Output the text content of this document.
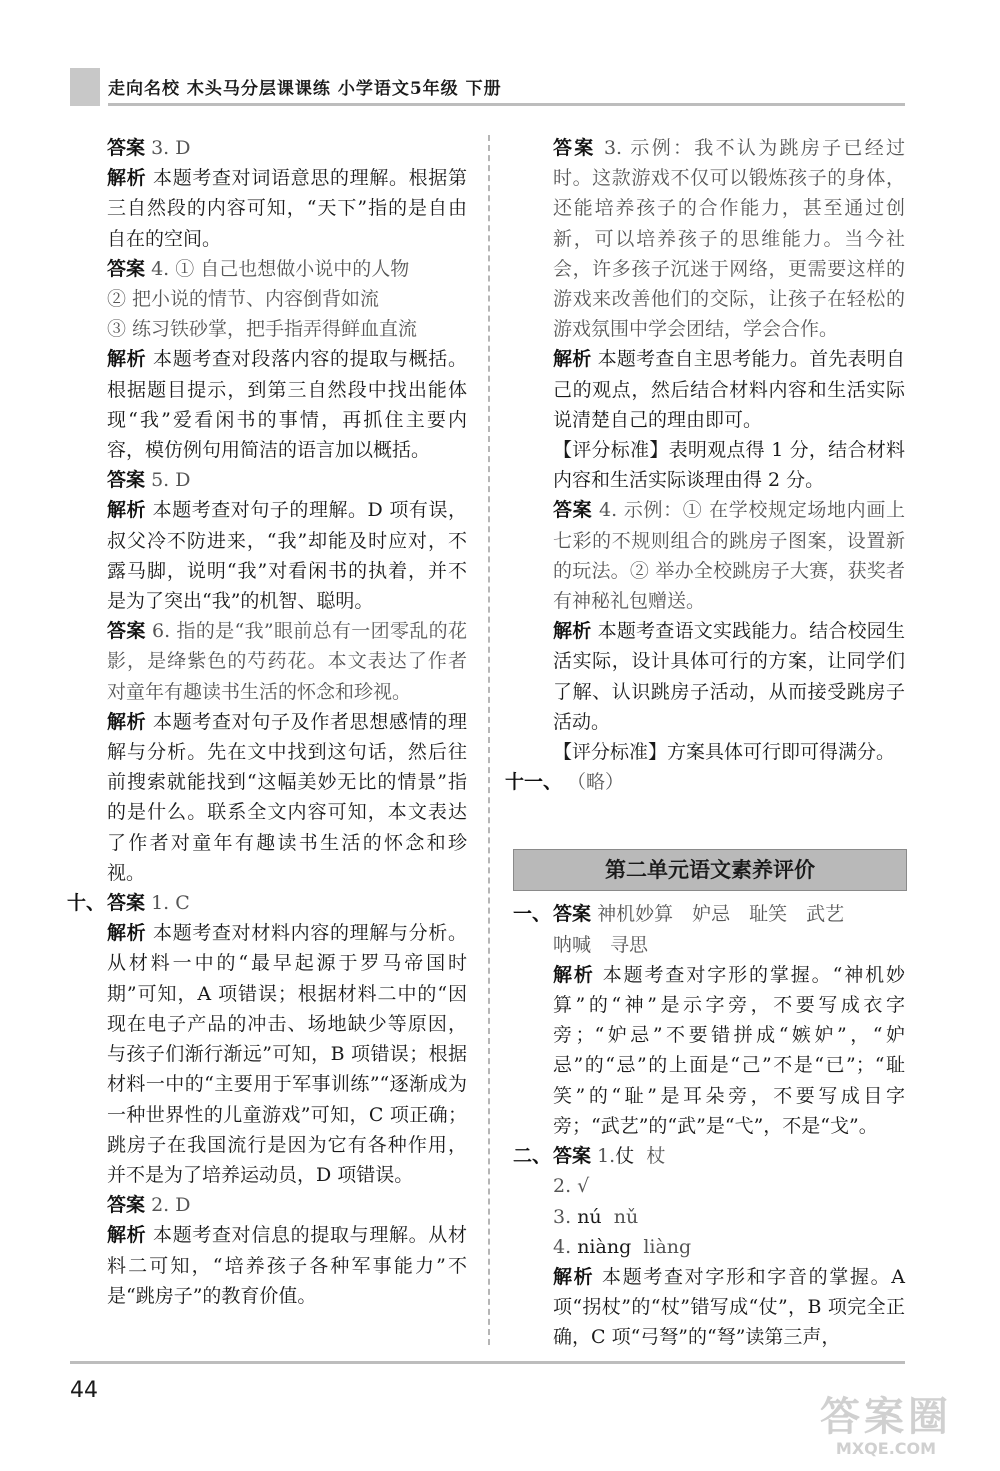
走向名校 木头马分层课课练 小学语文5年级 下册

答案 3. D

解析 本题考查对词语意思的理解。根据第三自然段的内容可知，“天下”指的是自由自在的空间。

答案 4. ① 自己也想做小说中的人物

② 把小说的情节、内容倒背如流

③ 练习铁砂掌，把手指弄得鲜血直流

解析 本题考查对段落内容的提取与概括。根据题目提示，到第三自然段中找出能体现“我”爱看闲书的事情，再抓住主要内容，模仿例句用简洁的语言加以概括。

答案 5. D

解析 本题考查对句子的理解。D 项有误，叔父冷不防进来，“我”却能及时应对，不露马脚，说明“我”对看闲书的执着，并不是为了突出“我”的机智、聪明。

答案 6. 指的是“我”眼前总有一团零乱的花影，是绛紫色的芍药花。本文表达了作者对童年有趣读书生活的怀念和珍视。

解析 本题考查对句子及作者思想感情的理解与分析。先在文中找到这句话，然后往前搜索就能找到“这幅美妙无比的情景”指的是什么。联系全文内容可知，本文表达了作者对童年有趣读书生活的怀念和珍视。

十、 答案 1. C

解析 本题考查对材料内容的理解与分析。从材料一中的“最早起源于罗马帝国时期”可知，A 项错误；根据材料二中的“因现在电子产品的冲击、场地缺少等原因，与孩子们渐行渐远”可知，B 项错误；根据材料一中的“主要用于军事训练”“逐渐成为一种世界性的儿童游戏”可知，C 项正确；跳房子在我国流行是因为它有各种作用，并不是为了培养运动员，D 项错误。

答案 2. D

解析 本题考查对信息的提取与理解。从材料二可知，“培养孩子各种军事能力”不是“跳房子”的教育价值。

答案 3. 示例：我不认为跳房子已经过时。这款游戏不仅可以锻炼孩子的身体，还能培养孩子的合作能力，甚至通过创新，可以培养孩子的思维能力。当今社会，许多孩子沉迷于网络，更需要这样的游戏来改善他们的交际，让孩子在轻松的游戏氛围中学会团结，学会合作。

解析 本题考查自主思考能力。首先表明自己的观点，然后结合材料内容和生活实际说清楚自己的理由即可。

【评分标准】表明观点得 1 分，结合材料内容和生活实际谈理由得 2 分。

答案 4. 示例：① 在学校规定场地内画上七彩的不规则组合的跳房子图案，设置新的玩法。② 举办全校跳房子大赛，获奖者有神秘礼包赠送。

解析 本题考查语文实践能力。结合校园生活实际，设计具体可行的方案，让同学们了解、认识跳房子活动，从而接受跳房子活动。

【评分标准】方案具体可行即可得满分。

十一、 （略）

第二单元语文素养评价

一、 答案 神机妙算　妒忌　耻笑　武艺

呐喊　寻思

解析 本题考查对字形的掌握。“神机妙算”的“神”是示字旁，不要写成衣字旁；“妒忌”不要错拼成“嫉妒”，“妒忌”的“忌”的上面是“己”不是“已”；“耻笑”的“耻”是耳朵旁，不要写成目字旁；“武艺”的“武”是“弋”，不是“戈”。

二、 答案 1.仗 杖

2. √

3. nú nǔ

4. niàng liàng

解析 本题考查对字形和字音的掌握。A 项“拐杖”的“杖”错写成“仗”，B 项完全正确，C 项“弓弩”的“弩”读第三声，

44
答案圈
MXQE.COM
